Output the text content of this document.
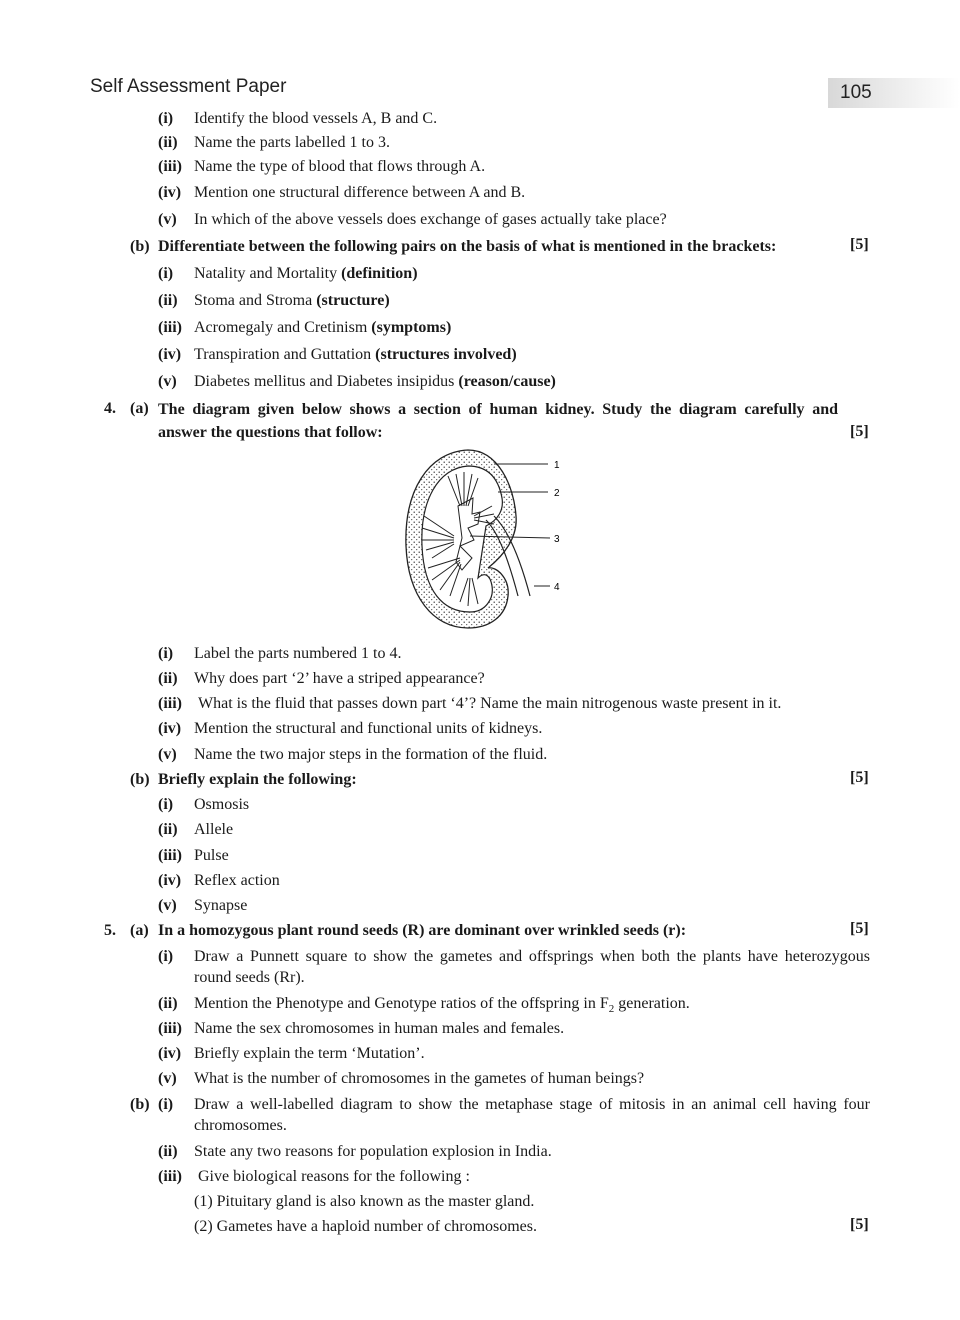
Self Assessment Paper	105
(i) Identify the blood vessels A, B and C.
(ii) Name the parts labelled 1 to 3.
(iii) Name the type of blood that flows through A.
(iv) Mention one structural difference between A and B.
(v) In which of the above vessels does exchange of gases actually take place?
(b) Differentiate between the following pairs on the basis of what is mentioned in the brackets:	[5]
(i) Natality and Mortality (definition)
(ii) Stoma and Stroma (structure)
(iii) Acromegaly and Cretinism (symptoms)
(iv) Transpiration and Guttation (structures involved)
(v) Diabetes mellitus and Diabetes insipidus (reason/cause)
4. (a) The diagram given below shows a section of human kidney. Study the diagram carefully and answer the questions that follow:	[5]
1
2
3
4
(i) Label the parts numbered 1 to 4.
(ii) Why does part ‘2’ have a striped appearance?
(iii) What is the fluid that passes down part ‘4’? Name the main nitrogenous waste present in it.
(iv) Mention the structural and functional units of kidneys.
(v) Name the two major steps in the formation of the fluid.
(b) Briefly explain the following:	[5]
(i) Osmosis
(ii) Allele
(iii) Pulse
(iv) Reflex action
(v) Synapse
5. (a) In a homozygous plant round seeds (R) are dominant over wrinkled seeds (r):	[5]
(i) Draw a Punnett square to show the gametes and offsprings when both the plants have heterozygous round seeds (Rr).
(ii) Mention the Phenotype and Genotype ratios of the offspring in $F_2$ generation.
(iii) Name the sex chromosomes in human males and females.
(iv) Briefly explain the term ‘Mutation’.
(v) What is the number of chromosomes in the gametes of human beings?
(b) (i) Draw a well-labelled diagram to show the metaphase stage of mitosis in an animal cell having four chromosomes.
(ii) State any two reasons for population explosion in India.
(iii) Give biological reasons for the following :
(1) Pituitary gland is also known as the master gland.
(2) Gametes have a haploid number of chromosomes.	[5]
